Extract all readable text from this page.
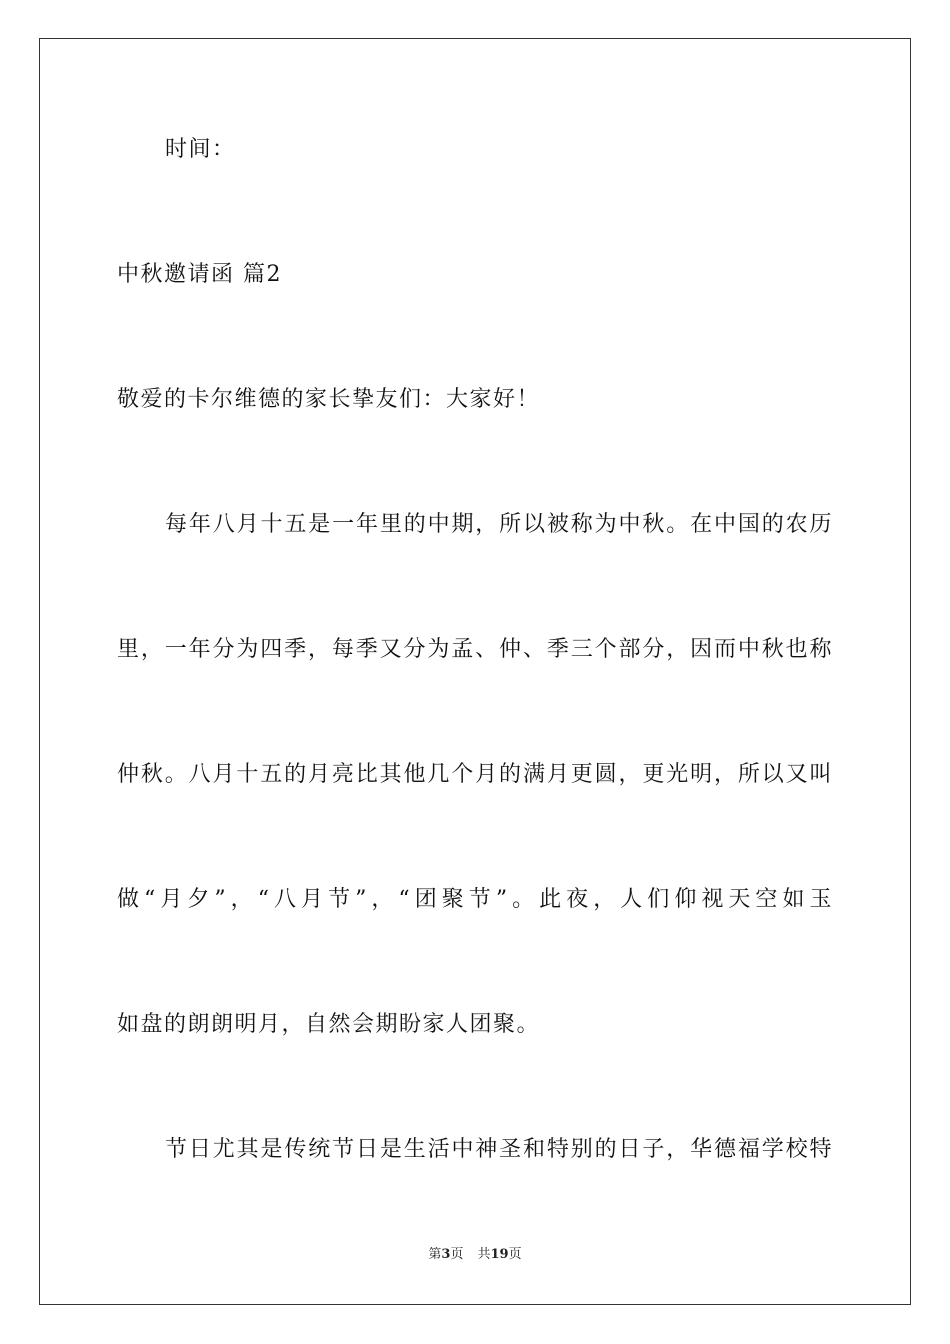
时间：
中秋邀请函 篇2
敬爱的卡尔维德的家长挚友们：大家好！
每年八月十五是一年里的中期，所以被称为中秋。在中国的农历
里，一年分为四季，每季又分为孟、仲、季三个部分，因而中秋也称
仲秋。八月十五的月亮比其他几个月的满月更圆，更光明，所以又叫
做“月夕”，“八月节”，“团聚节”。此夜，人们仰视天空如玉
如盘的朗朗明月，自然会期盼家人团聚。
节日尤其是传统节日是生活中神圣和特别的日子，华德福学校特
第3页 共19页
